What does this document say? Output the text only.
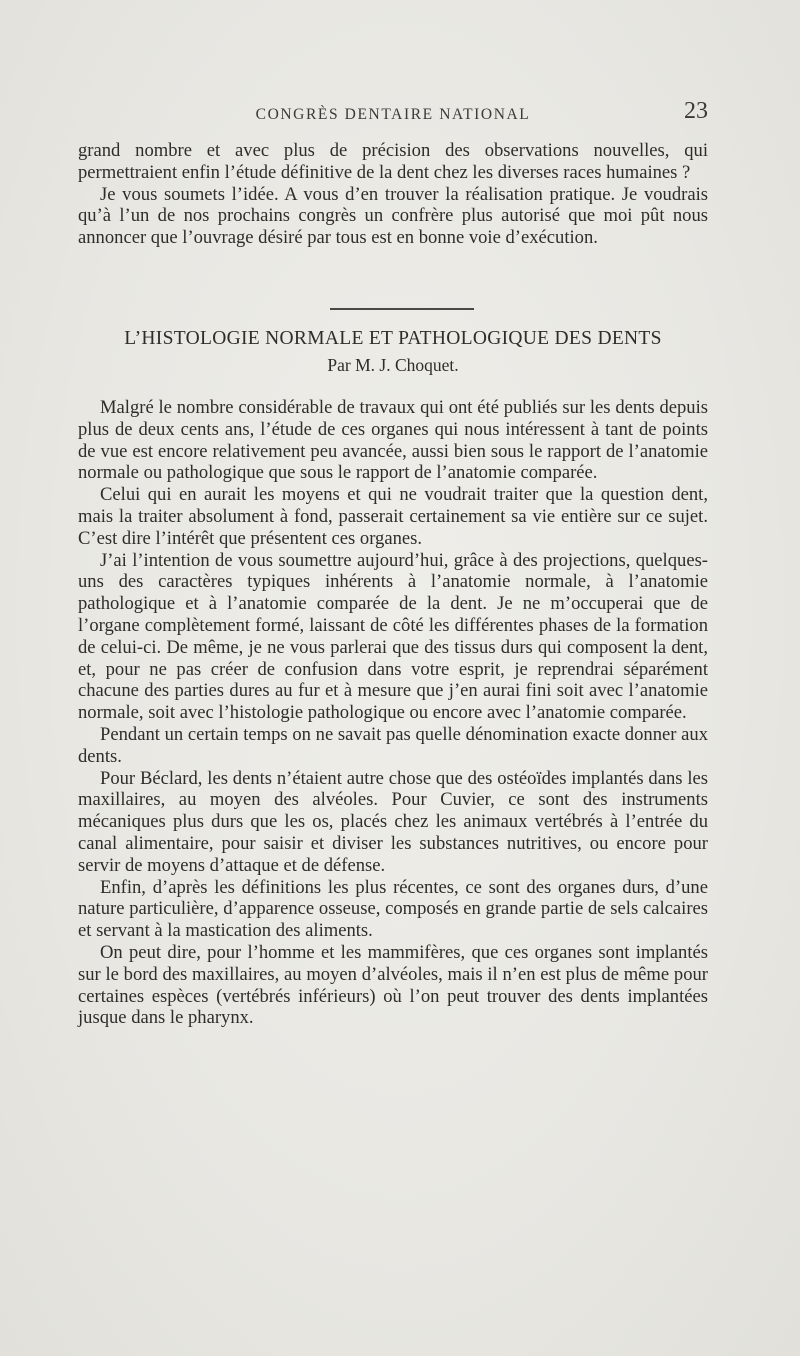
CONGRÈS DENTAIRE NATIONAL	23

grand nombre et avec plus de précision des observations nouvelles, qui permettraient enfin l’étude définitive de la dent chez les diverses races humaines ?

Je vous soumets l’idée. A vous d’en trouver la réalisation pratique. Je voudrais qu’à l’un de nos prochains congrès un confrère plus autorisé que moi pût nous annoncer que l’ouvrage désiré par tous est en bonne voie d’exécution.

L’HISTOLOGIE NORMALE ET PATHOLOGIQUE DES DENTS
Par M. J. Choquet.

Malgré le nombre considérable de travaux qui ont été publiés sur les dents depuis plus de deux cents ans, l’étude de ces organes qui nous intéressent à tant de points de vue est encore relativement peu avancée, aussi bien sous le rapport de l’anatomie normale ou pathologique que sous le rapport de l’anatomie comparée.

Celui qui en aurait les moyens et qui ne voudrait traiter que la question dent, mais la traiter absolument à fond, passerait certainement sa vie entière sur ce sujet. C’est dire l’intérêt que présentent ces organes.

J’ai l’intention de vous soumettre aujourd’hui, grâce à des projections, quelques-uns des caractères typiques inhérents à l’anatomie normale, à l’anatomie pathologique et à l’anatomie comparée de la dent. Je ne m’occuperai que de l’organe complètement formé, laissant de côté les différentes phases de la formation de celui-ci. De même, je ne vous parlerai que des tissus durs qui composent la dent, et, pour ne pas créer de confusion dans votre esprit, je reprendrai séparément chacune des parties dures au fur et à mesure que j’en aurai fini soit avec l’anatomie normale, soit avec l’histologie pathologique ou encore avec l’anatomie comparée.

Pendant un certain temps on ne savait pas quelle dénomination exacte donner aux dents.

Pour Béclard, les dents n’étaient autre chose que des ostéoïdes implantés dans les maxillaires, au moyen des alvéoles. Pour Cuvier, ce sont des instruments mécaniques plus durs que les os, placés chez les animaux vertébrés à l’entrée du canal alimentaire, pour saisir et diviser les substances nutritives, ou encore pour servir de moyens d’attaque et de défense.

Enfin, d’après les définitions les plus récentes, ce sont des organes durs, d’une nature particulière, d’apparence osseuse, composés en grande partie de sels calcaires et servant à la mastication des aliments.

On peut dire, pour l’homme et les mammifères, que ces organes sont implantés sur le bord des maxillaires, au moyen d’alvéoles, mais il n’en est plus de même pour certaines espèces (vertébrés inférieurs) où l’on peut trouver des dents implantées jusque dans le pharynx.
